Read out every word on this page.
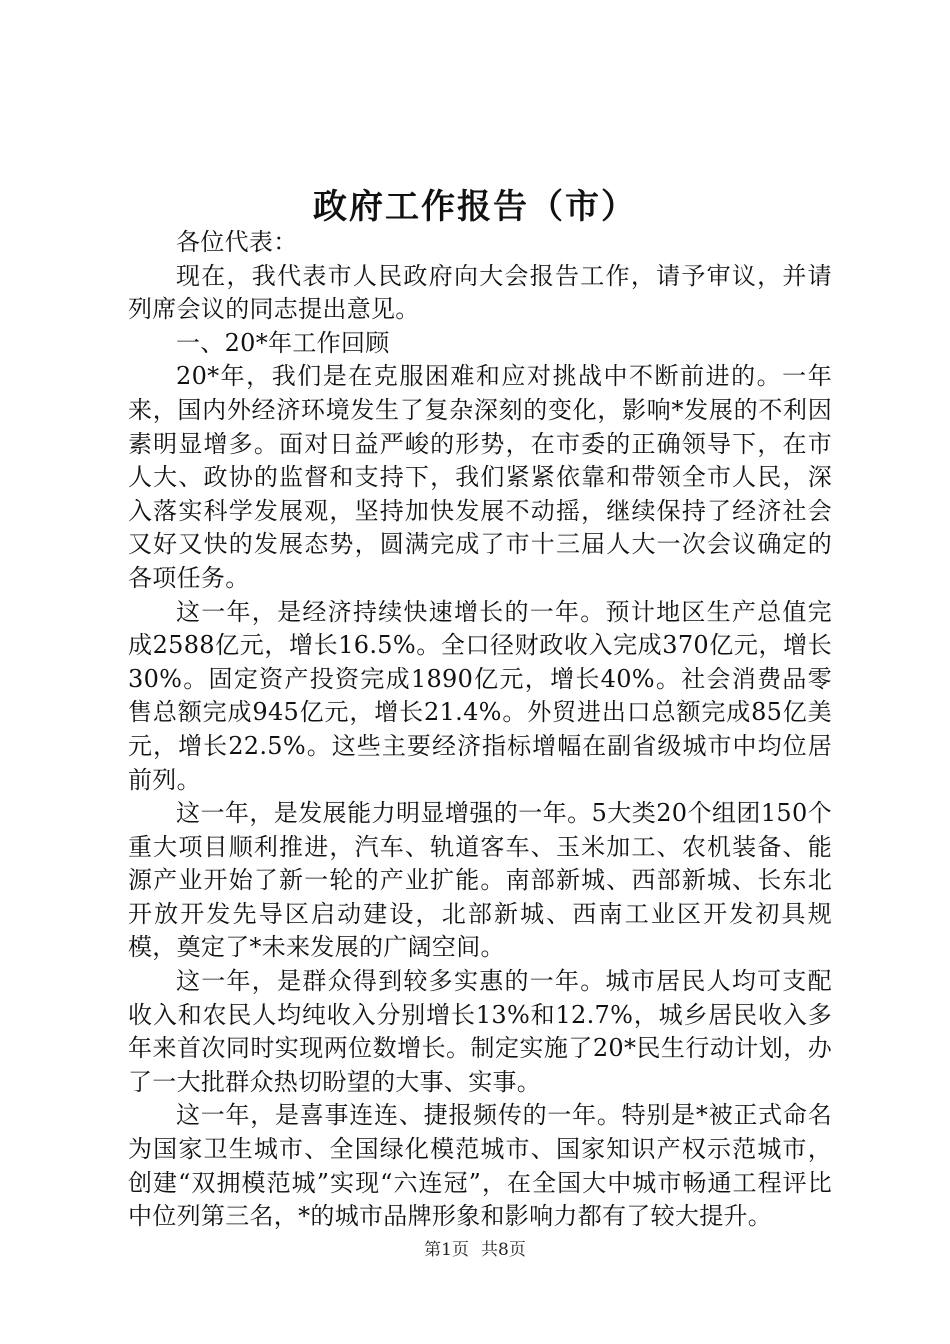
政府工作报告（市）

各位代表：

现在，我代表市人民政府向大会报告工作，请予审议，并请列席会议的同志提出意见。

一、20*年工作回顾

20*年，我们是在克服困难和应对挑战中不断前进的。一年来，国内外经济环境发生了复杂深刻的变化，影响*发展的不利因素明显增多。面对日益严峻的形势，在市委的正确领导下，在市人大、政协的监督和支持下，我们紧紧依靠和带领全市人民，深入落实科学发展观，坚持加快发展不动摇，继续保持了经济社会又好又快的发展态势，圆满完成了市十三届人大一次会议确定的各项任务。

这一年，是经济持续快速增长的一年。预计地区生产总值完成2588亿元，增长16.5%。全口径财政收入完成370亿元，增长30%。固定资产投资完成1890亿元，增长40%。社会消费品零售总额完成945亿元，增长21.4%。外贸进出口总额完成85亿美元，增长22.5%。这些主要经济指标增幅在副省级城市中均位居前列。

这一年，是发展能力明显增强的一年。5大类20个组团150个重大项目顺利推进，汽车、轨道客车、玉米加工、农机装备、能源产业开始了新一轮的产业扩能。南部新城、西部新城、长东北开放开发先导区启动建设，北部新城、西南工业区开发初具规模，奠定了*未来发展的广阔空间。

这一年，是群众得到较多实惠的一年。城市居民人均可支配收入和农民人均纯收入分别增长13%和12.7%，城乡居民收入多年来首次同时实现两位数增长。制定实施了20*民生行动计划，办了一大批群众热切盼望的大事、实事。

这一年，是喜事连连、捷报频传的一年。特别是*被正式命名为国家卫生城市、全国绿化模范城市、国家知识产权示范城市，创建“双拥模范城”实现“六连冠”，在全国大中城市畅通工程评比中位列第三名，*的城市品牌形象和影响力都有了较大提升。

第1页 共8页
